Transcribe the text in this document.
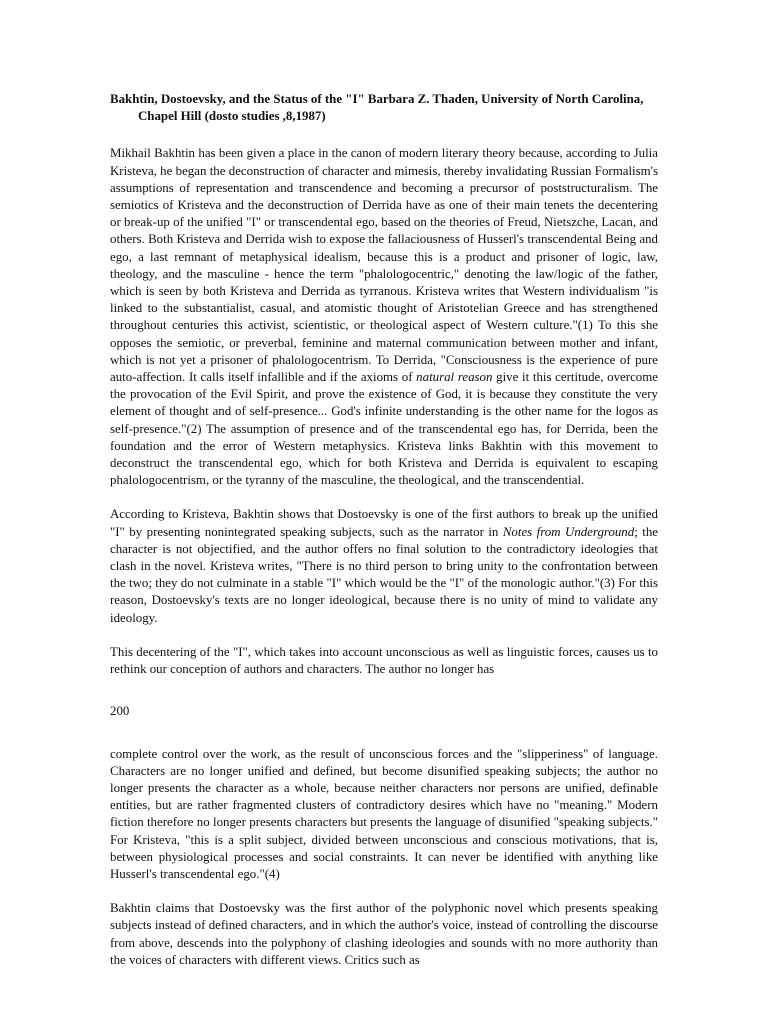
Bakhtin, Dostoevsky, and the Status of the "I" Barbara Z. Thaden, University of North Carolina, Chapel Hill (dosto studies ,8,1987)

Mikhail Bakhtin has been given a place in the canon of modern literary theory because, according to Julia Kristeva, he began the deconstruction of character and mimesis, thereby invalidating Russian Formalism's assumptions of representation and transcendence and becoming a precursor of poststructuralism. The semiotics of Kristeva and the deconstruction of Derrida have as one of their main tenets the decentering or break-up of the unified "I" or transcendental ego, based on the theories of Freud, Nietszche, Lacan, and others. Both Kristeva and Derrida wish to expose the fallaciousness of Husserl's transcendental Being and ego, a last remnant of metaphysical idealism, because this is a product and prisoner of logic, law, theology, and the masculine - hence the term "phalologocentric," denoting the law/logic of the father, which is seen by both Kristeva and Derrida as tyrranous. Kristeva writes that Western individualism "is linked to the substantialist, casual, and atomistic thought of Aristotelian Greece and has strengthened throughout centuries this activist, scientistic, or theological aspect of Western culture."(1) To this she opposes the semiotic, or preverbal, feminine and maternal communication between mother and infant, which is not yet a prisoner of phalologocentrism. To Derrida, "Consciousness is the experience of pure auto-affection. It calls itself infallible and if the axioms of natural reason give it this certitude, overcome the provocation of the Evil Spirit, and prove the existence of God, it is because they constitute the very element of thought and of self-presence... God's infinite understanding is the other name for the logos as self-presence."(2) The assumption of presence and of the transcendental ego has, for Derrida, been the foundation and the error of Western metaphysics. Kristeva links Bakhtin with this movement to deconstruct the transcendental ego, which for both Kristeva and Derrida is equivalent to escaping phalologocentrism, or the tyranny of the masculine, the theological, and the transcendential.

According to Kristeva, Bakhtin shows that Dostoevsky is one of the first authors to break up the unified "I" by presenting nonintegrated speaking subjects, such as the narrator in Notes from Underground; the character is not objectified, and the author offers no final solution to the contradictory ideologies that clash in the novel. Kristeva writes, "There is no third person to bring unity to the confrontation between the two; they do not culminate in a stable "I" which would be the "I" of the monologic author."(3) For this reason, Dostoevsky's texts are no longer ideological, because there is no unity of mind to validate any ideology.

This decentering of the "I", which takes into account unconscious as well as linguistic forces, causes us to rethink our conception of authors and characters. The author no longer has

200

complete control over the work, as the result of unconscious forces and the "slipperiness" of language. Characters are no longer unified and defined, but become disunified speaking subjects; the author no longer presents the character as a whole, because neither characters nor persons are unified, definable entities, but are rather fragmented clusters of contradictory desires which have no "meaning." Modern fiction therefore no longer presents characters but presents the language of disunified "speaking subjects." For Kristeva, "this is a split subject, divided between unconscious and conscious motivations, that is, between physiological processes and social constraints. It can never be identified with anything like Husserl's transcendental ego."(4)

Bakhtin claims that Dostoevsky was the first author of the polyphonic novel which presents speaking subjects instead of defined characters, and in which the author's voice, instead of controlling the discourse from above, descends into the polyphony of clashing ideologies and sounds with no more authority than the voices of characters with different views. Critics such as
